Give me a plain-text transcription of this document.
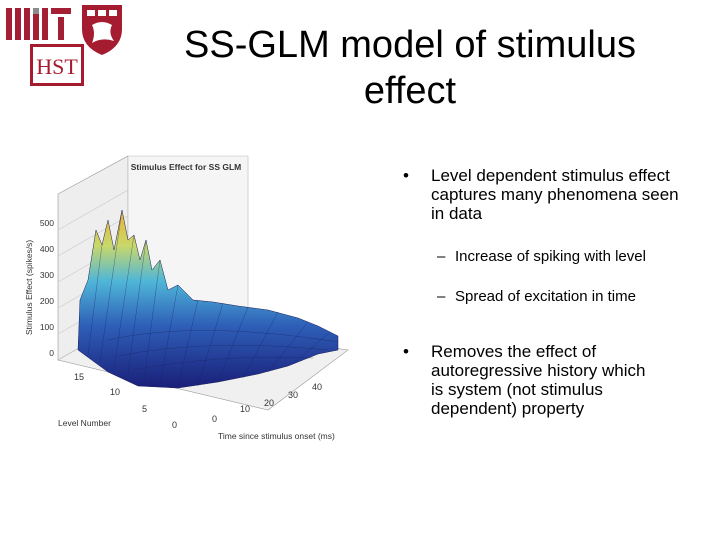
HST
SS-GLM model of stimulus effect
0
100
200
300
400
500
15
10
5
0
0
10
20
30
40
Stimulus Effect for SS GLM
Stimulus Effect (spikes/s)
Level Number
Time since stimulus onset (ms)
• Level dependent stimulus effect captures many phenomena seen in data
– Increase of spiking with level
– Spread of excitation in time
• Removes the effect of autoregressive history which is system (not stimulus dependent) property
